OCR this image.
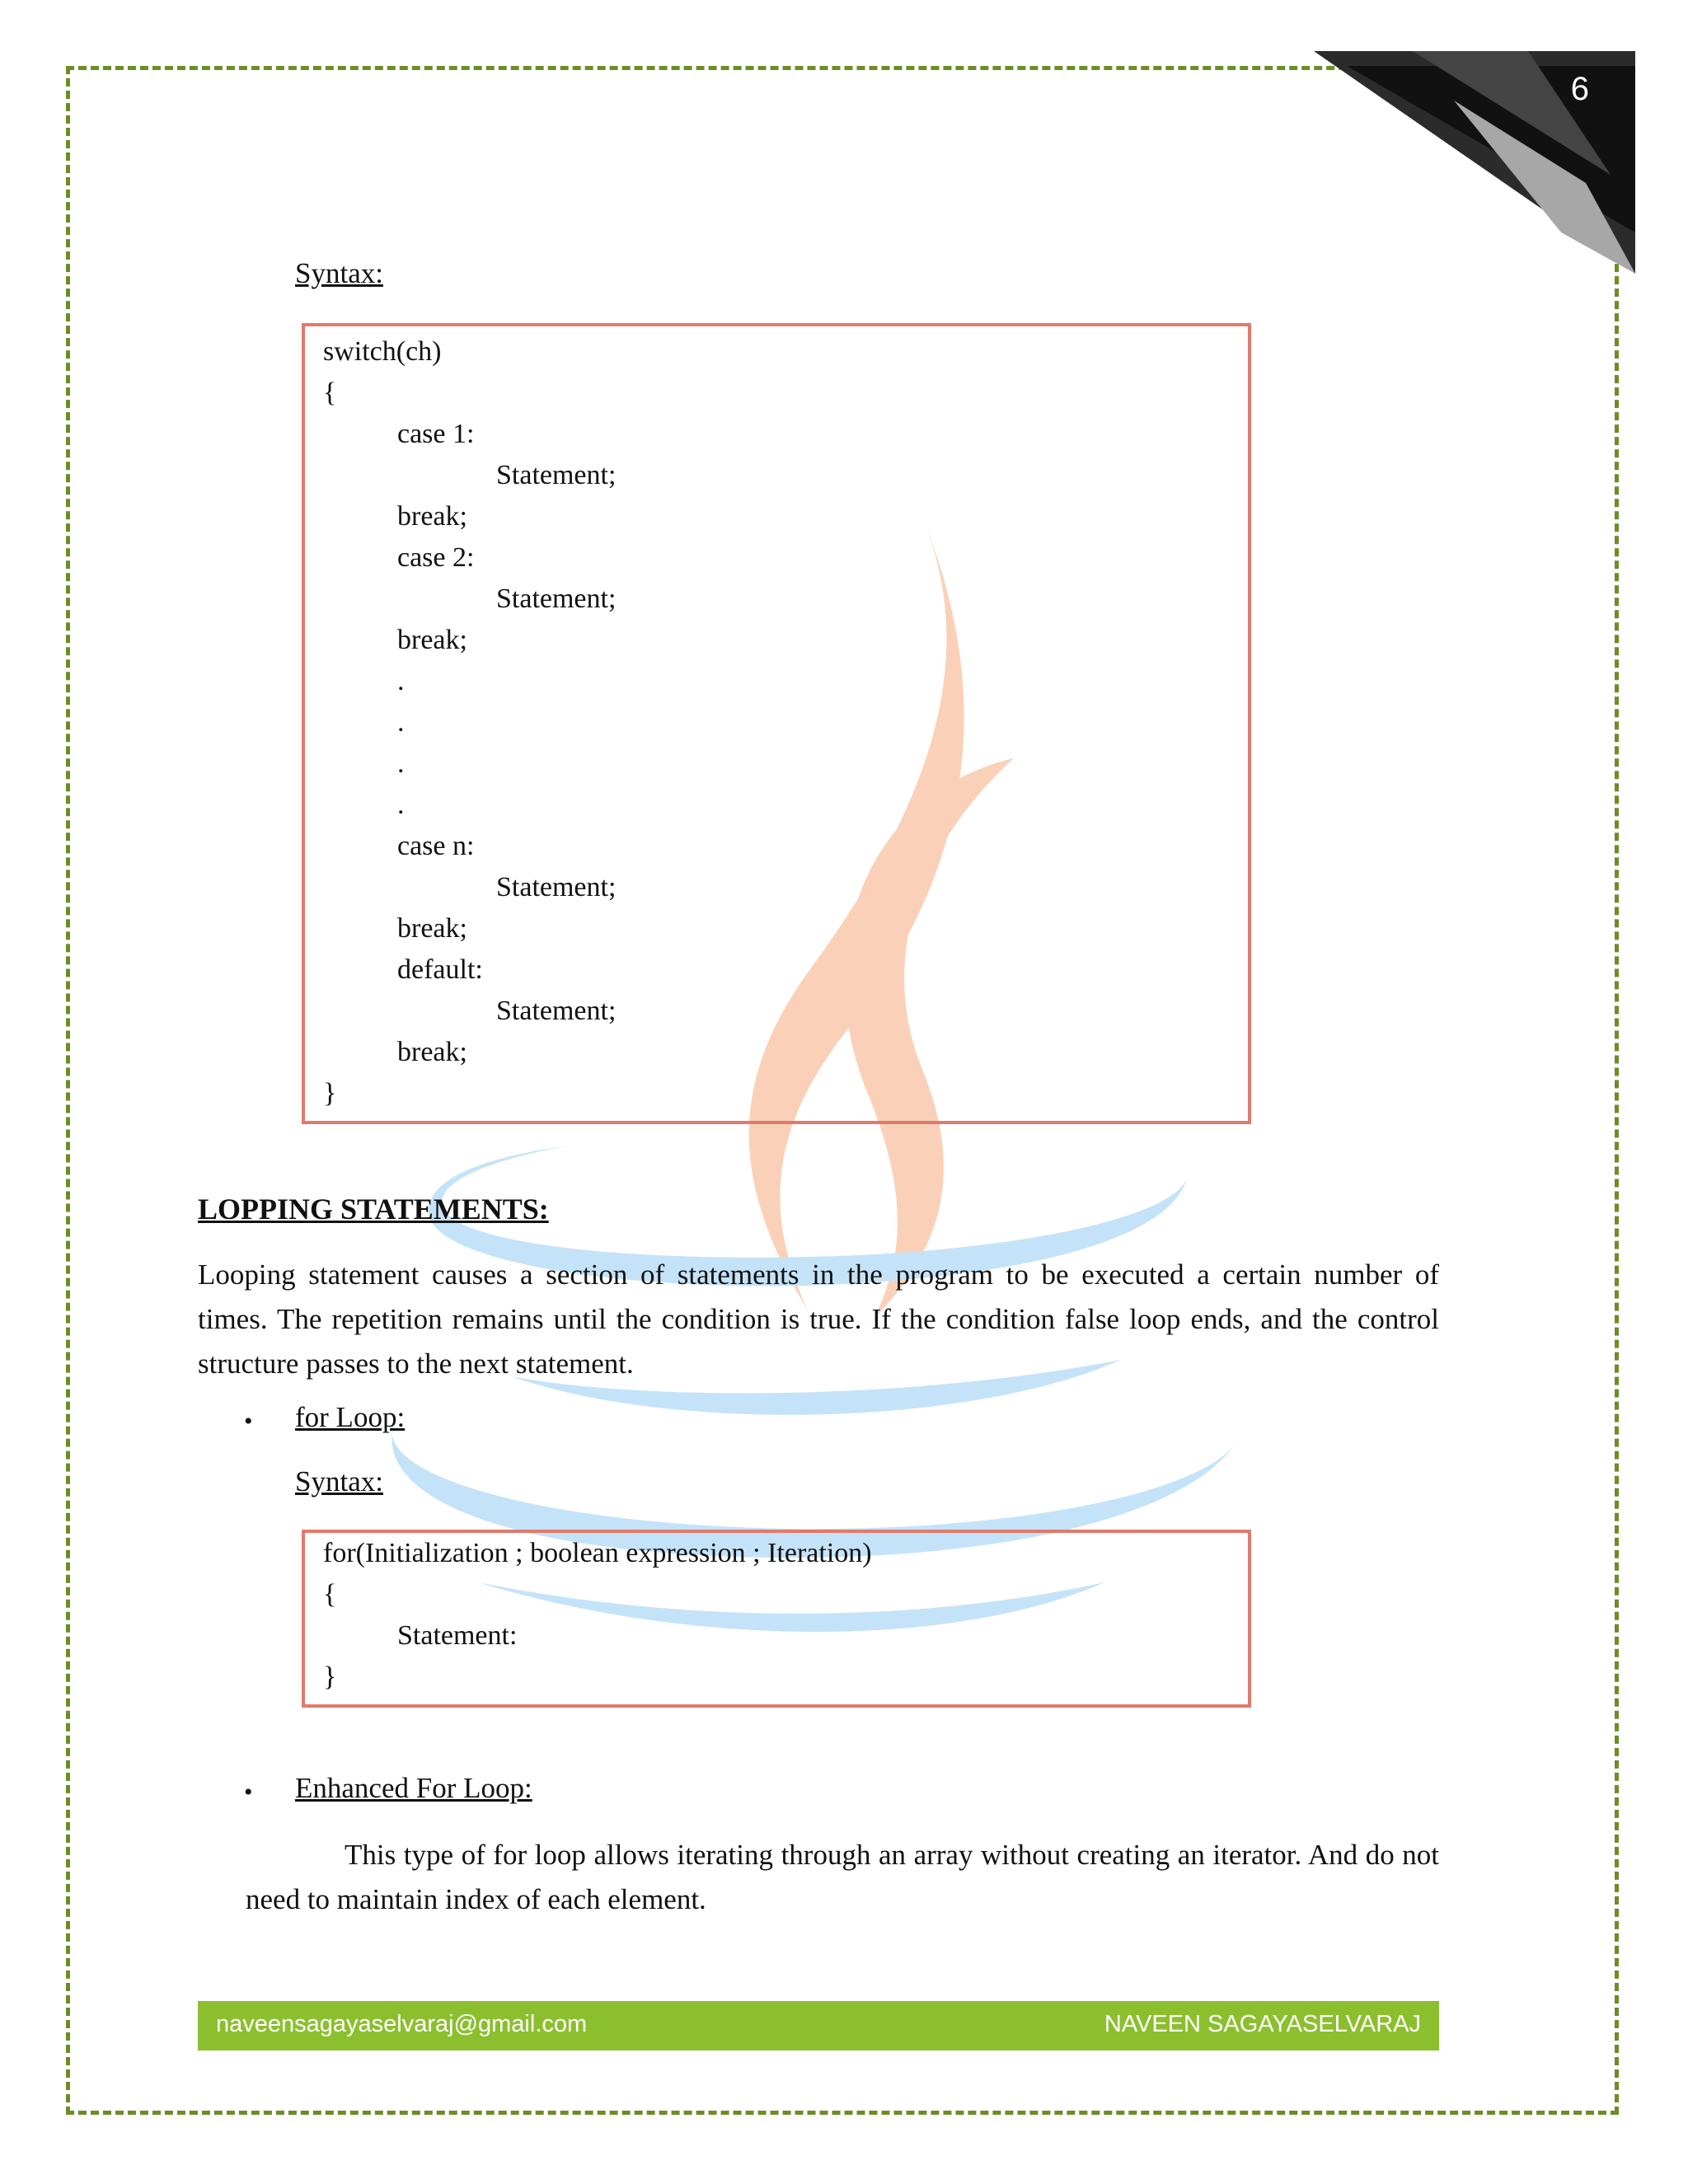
6
Syntax:
switch(ch)
{
case 1:
Statement;
break;
case 2:
Statement;
break;
.
.
.
.
case n:
Statement;
break;
default:
Statement;
break;
}
LOPPING STATEMENTS:
Looping statement causes a section of statements in the program to be executed a certain number of
times. The repetition remains until the condition is true. If the condition false loop ends, and the control
structure passes to the next statement.
• for Loop:
Syntax:
for(Initialization ; boolean expression ; Iteration)
{
Statement:
}
• Enhanced For Loop:
This type of for loop allows iterating through an array without creating an iterator. And do not
need to maintain index of each element.
naveensagayaselvaraj@gmail.com	NAVEEN SAGAYASELVARAJ
